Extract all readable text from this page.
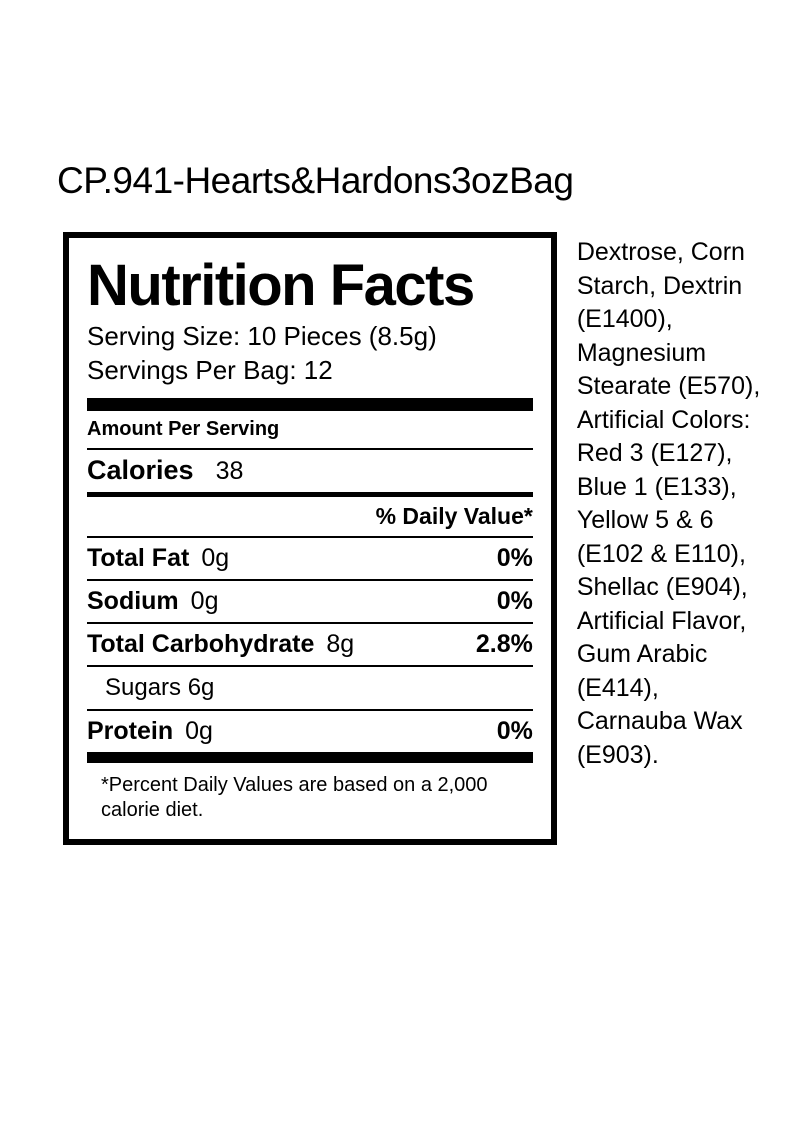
CP.941-Hearts&Hardons3ozBag
Nutrition Facts
Serving Size: 10 Pieces (8.5g)
Servings Per Bag: 12
Amount Per Serving
Calories 38
% Daily Value*
Total Fat 0g	0%
Sodium 0g	0%
Total Carbohydrate 8g	2.8%
Sugars 6g
Protein 0g	0%
*Percent Daily Values are based on a 2,000 calorie diet.
Dextrose, Corn Starch, Dextrin (E1400), Magnesium Stearate (E570), Artificial Colors: Red 3 (E127), Blue 1 (E133), Yellow 5 & 6 (E102 & E110), Shellac (E904), Artificial Flavor, Gum Arabic (E414), Carnauba Wax (E903).
